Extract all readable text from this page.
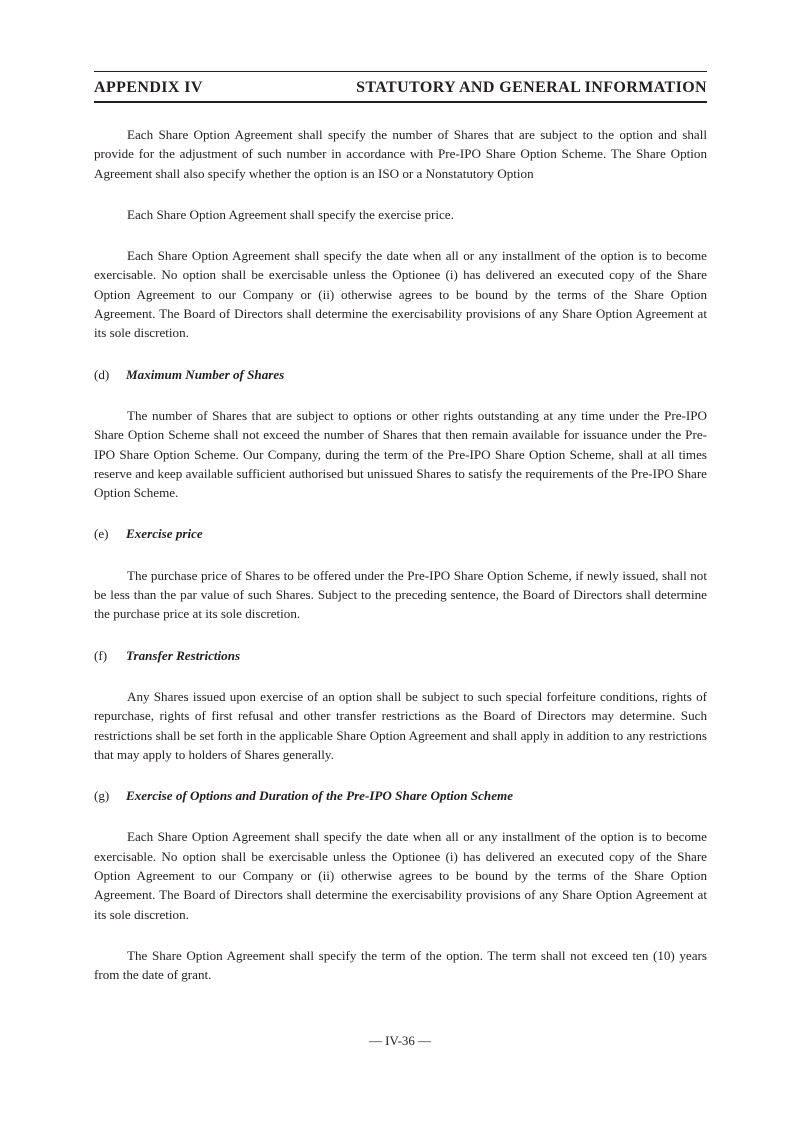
APPENDIX IV	STATUTORY AND GENERAL INFORMATION

Each Share Option Agreement shall specify the number of Shares that are subject to the option and shall provide for the adjustment of such number in accordance with Pre-IPO Share Option Scheme. The Share Option Agreement shall also specify whether the option is an ISO or a Nonstatutory Option

Each Share Option Agreement shall specify the exercise price.

Each Share Option Agreement shall specify the date when all or any installment of the option is to become exercisable. No option shall be exercisable unless the Optionee (i) has delivered an executed copy of the Share Option Agreement to our Company or (ii) otherwise agrees to be bound by the terms of the Share Option Agreement. The Board of Directors shall determine the exercisability provisions of any Share Option Agreement at its sole discretion.

(d)	Maximum Number of Shares

The number of Shares that are subject to options or other rights outstanding at any time under the Pre-IPO Share Option Scheme shall not exceed the number of Shares that then remain available for issuance under the Pre-IPO Share Option Scheme. Our Company, during the term of the Pre-IPO Share Option Scheme, shall at all times reserve and keep available sufficient authorised but unissued Shares to satisfy the requirements of the Pre-IPO Share Option Scheme.

(e)	Exercise price

The purchase price of Shares to be offered under the Pre-IPO Share Option Scheme, if newly issued, shall not be less than the par value of such Shares. Subject to the preceding sentence, the Board of Directors shall determine the purchase price at its sole discretion.

(f)	Transfer Restrictions

Any Shares issued upon exercise of an option shall be subject to such special forfeiture conditions, rights of repurchase, rights of first refusal and other transfer restrictions as the Board of Directors may determine. Such restrictions shall be set forth in the applicable Share Option Agreement and shall apply in addition to any restrictions that may apply to holders of Shares generally.

(g)	Exercise of Options and Duration of the Pre-IPO Share Option Scheme

Each Share Option Agreement shall specify the date when all or any installment of the option is to become exercisable. No option shall be exercisable unless the Optionee (i) has delivered an executed copy of the Share Option Agreement to our Company or (ii) otherwise agrees to be bound by the terms of the Share Option Agreement. The Board of Directors shall determine the exercisability provisions of any Share Option Agreement at its sole discretion.

The Share Option Agreement shall specify the term of the option. The term shall not exceed ten (10) years from the date of grant.

— IV-36 —
